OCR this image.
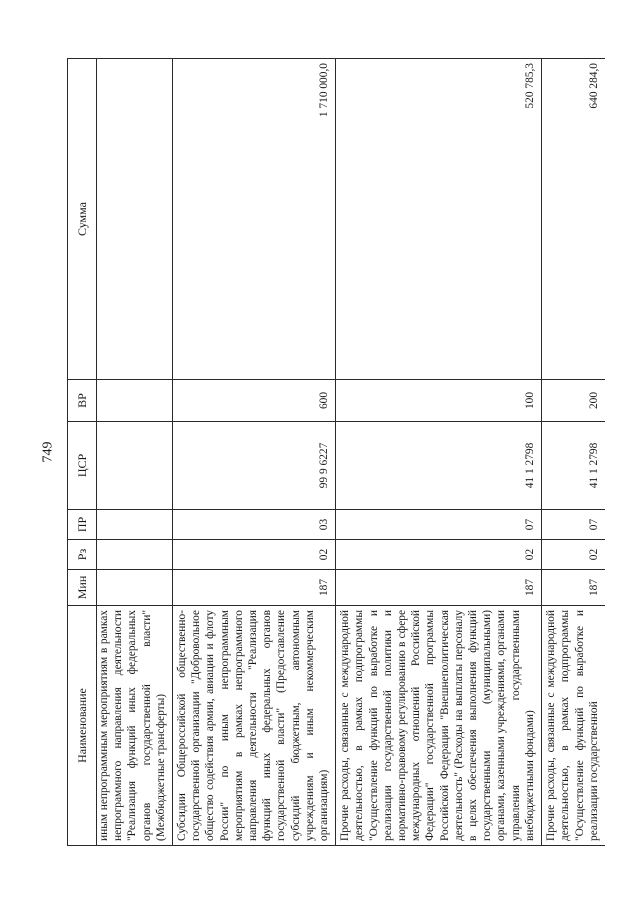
749
Наименование	Мин	Рз	ПР	ЦСР	ВР	Сумма
иным непрограммным мероприятиям в рамках непрограммного направления деятельности "Реализация функций иных федеральных органов государственной власти" (Межбюджетные трансферты)						
Субсидии Общероссийской общественно-государственной организации "Добровольное общество содействия армии, авиации и флоту России" по иным непрограммным мероприятиям в рамках непрограммного направления деятельности "Реализация функций иных федеральных органов государственной власти" (Предоставление субсидий бюджетным, автономным учреждениям и иным некоммерческим организациям)	187	02	03	99 9 6227	600	1 710 000,0
Прочие расходы, связанные с международной деятельностью, в рамках подпрограммы "Осуществление функций по выработке и реализации государственной политики и нормативно-правовому регулированию в сфере международных отношений Российской Федерации" государственной программы Российской Федерации "Внешнеполитическая деятельность" (Расходы на выплаты персоналу в целях обеспечения выполнения функций государственными (муниципальными) органами, казенными учреждениями, органами управления государственными внебюджетными фондами)	187	02	07	41 1 2798	100	520 785,3
Прочие расходы, связанные с международной деятельностью, в рамках подпрограммы "Осуществление функций по выработке и реализации государственной	187	02	07	41 1 2798	200	640 284,0
